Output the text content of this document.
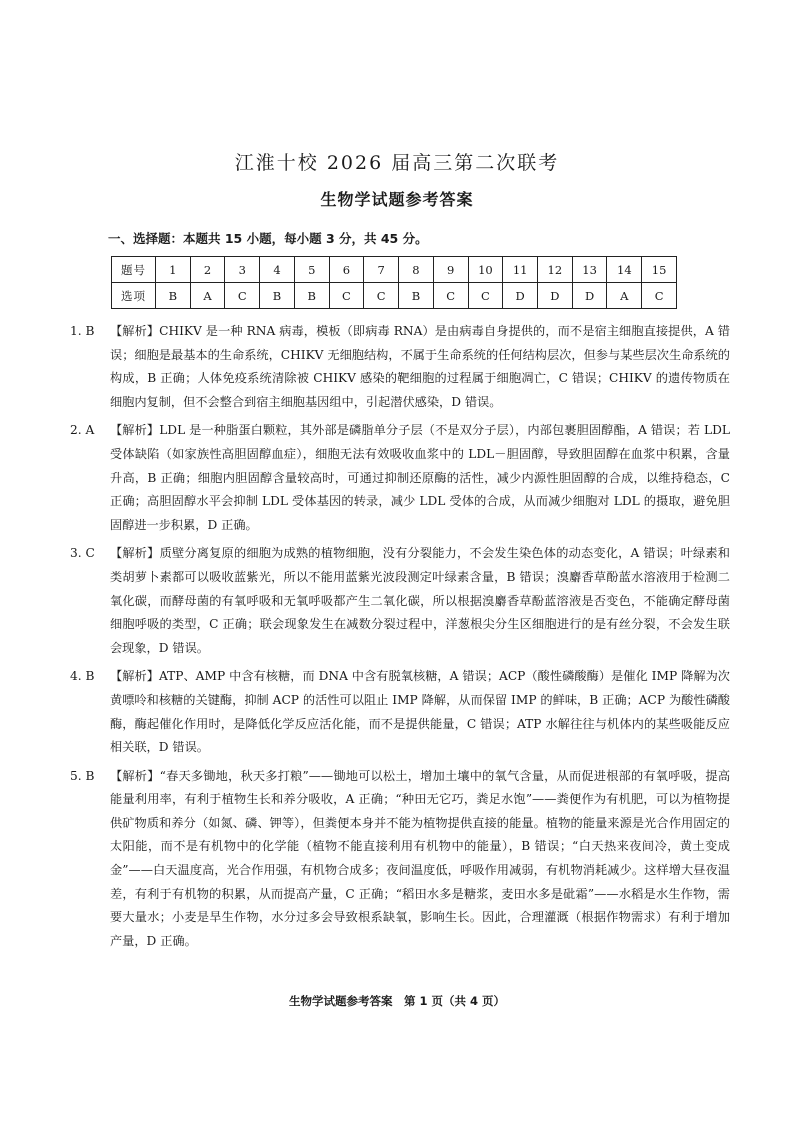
江淮十校 2026 届高三第二次联考
生物学试题参考答案
一、选择题：本题共 15 小题，每小题 3 分，共 45 分。
题号	1	2	3	4	5	6	7	8	9	10	11	12	13	14	15
选项	B	A	C	B	B	C	C	B	C	C	D	D	D	A	C
1. B	【解析】CHIKV 是一种 RNA 病毒，模板（即病毒 RNA）是由病毒自身提供的，而不是宿主细胞直接提供，A 错误；细胞是最基本的生命系统，CHIKV 无细胞结构，不属于生命系统的任何结构层次，但参与某些层次生命系统的构成，B 正确；人体免疫系统清除被 CHIKV 感染的靶细胞的过程属于细胞凋亡，C 错误；CHIKV 的遗传物质在细胞内复制，但不会整合到宿主细胞基因组中，引起潜伏感染，D 错误。
2. A	【解析】LDL 是一种脂蛋白颗粒，其外部是磷脂单分子层（不是双分子层），内部包裹胆固醇酯，A 错误；若 LDL 受体缺陷（如家族性高胆固醇血症），细胞无法有效吸收血浆中的 LDL－胆固醇，导致胆固醇在血浆中积累，含量升高，B 正确；细胞内胆固醇含量较高时，可通过抑制还原酶的活性，减少内源性胆固醇的合成，以维持稳态，C 正确；高胆固醇水平会抑制 LDL 受体基因的转录，减少 LDL 受体的合成，从而减少细胞对 LDL 的摄取，避免胆固醇进一步积累，D 正确。
3. C	【解析】质壁分离复原的细胞为成熟的植物细胞，没有分裂能力，不会发生染色体的动态变化，A 错误；叶绿素和类胡萝卜素都可以吸收蓝紫光，所以不能用蓝紫光波段测定叶绿素含量，B 错误；溴麝香草酚蓝水溶液用于检测二氧化碳，而酵母菌的有氧呼吸和无氧呼吸都产生二氧化碳，所以根据溴麝香草酚蓝溶液是否变色，不能确定酵母菌细胞呼吸的类型，C 正确；联会现象发生在减数分裂过程中，洋葱根尖分生区细胞进行的是有丝分裂，不会发生联会现象，D 错误。
4. B	【解析】ATP、AMP 中含有核糖，而 DNA 中含有脱氧核糖，A 错误；ACP（酸性磷酸酶）是催化 IMP 降解为次黄嘌呤和核糖的关键酶，抑制 ACP 的活性可以阻止 IMP 降解，从而保留 IMP 的鲜味，B 正确；ACP 为酸性磷酸酶，酶起催化作用时，是降低化学反应活化能，而不是提供能量，C 错误；ATP 水解往往与机体内的某些吸能反应相关联，D 错误。
5. B	【解析】“春天多锄地，秋天多打粮”——锄地可以松土，增加土壤中的氧气含量，从而促进根部的有氧呼吸，提高能量利用率，有利于植物生长和养分吸收，A 正确；“种田无它巧，粪足水饱”——粪便作为有机肥，可以为植物提供矿物质和养分（如氮、磷、钾等），但粪便本身并不能为植物提供直接的能量。植物的能量来源是光合作用固定的太阳能，而不是有机物中的化学能（植物不能直接利用有机物中的能量），B 错误；“白天热来夜间冷，黄土变成金”——白天温度高，光合作用强，有机物合成多；夜间温度低，呼吸作用减弱，有机物消耗减少。这样增大昼夜温差，有利于有机物的积累，从而提高产量，C 正确；“稻田水多是糖浆，麦田水多是砒霜”——水稻是水生作物，需要大量水；小麦是旱生作物，水分过多会导致根系缺氧，影响生长。因此，合理灌溉（根据作物需求）有利于增加产量，D 正确。
生物学试题参考答案　第 1 页（共 4 页）
